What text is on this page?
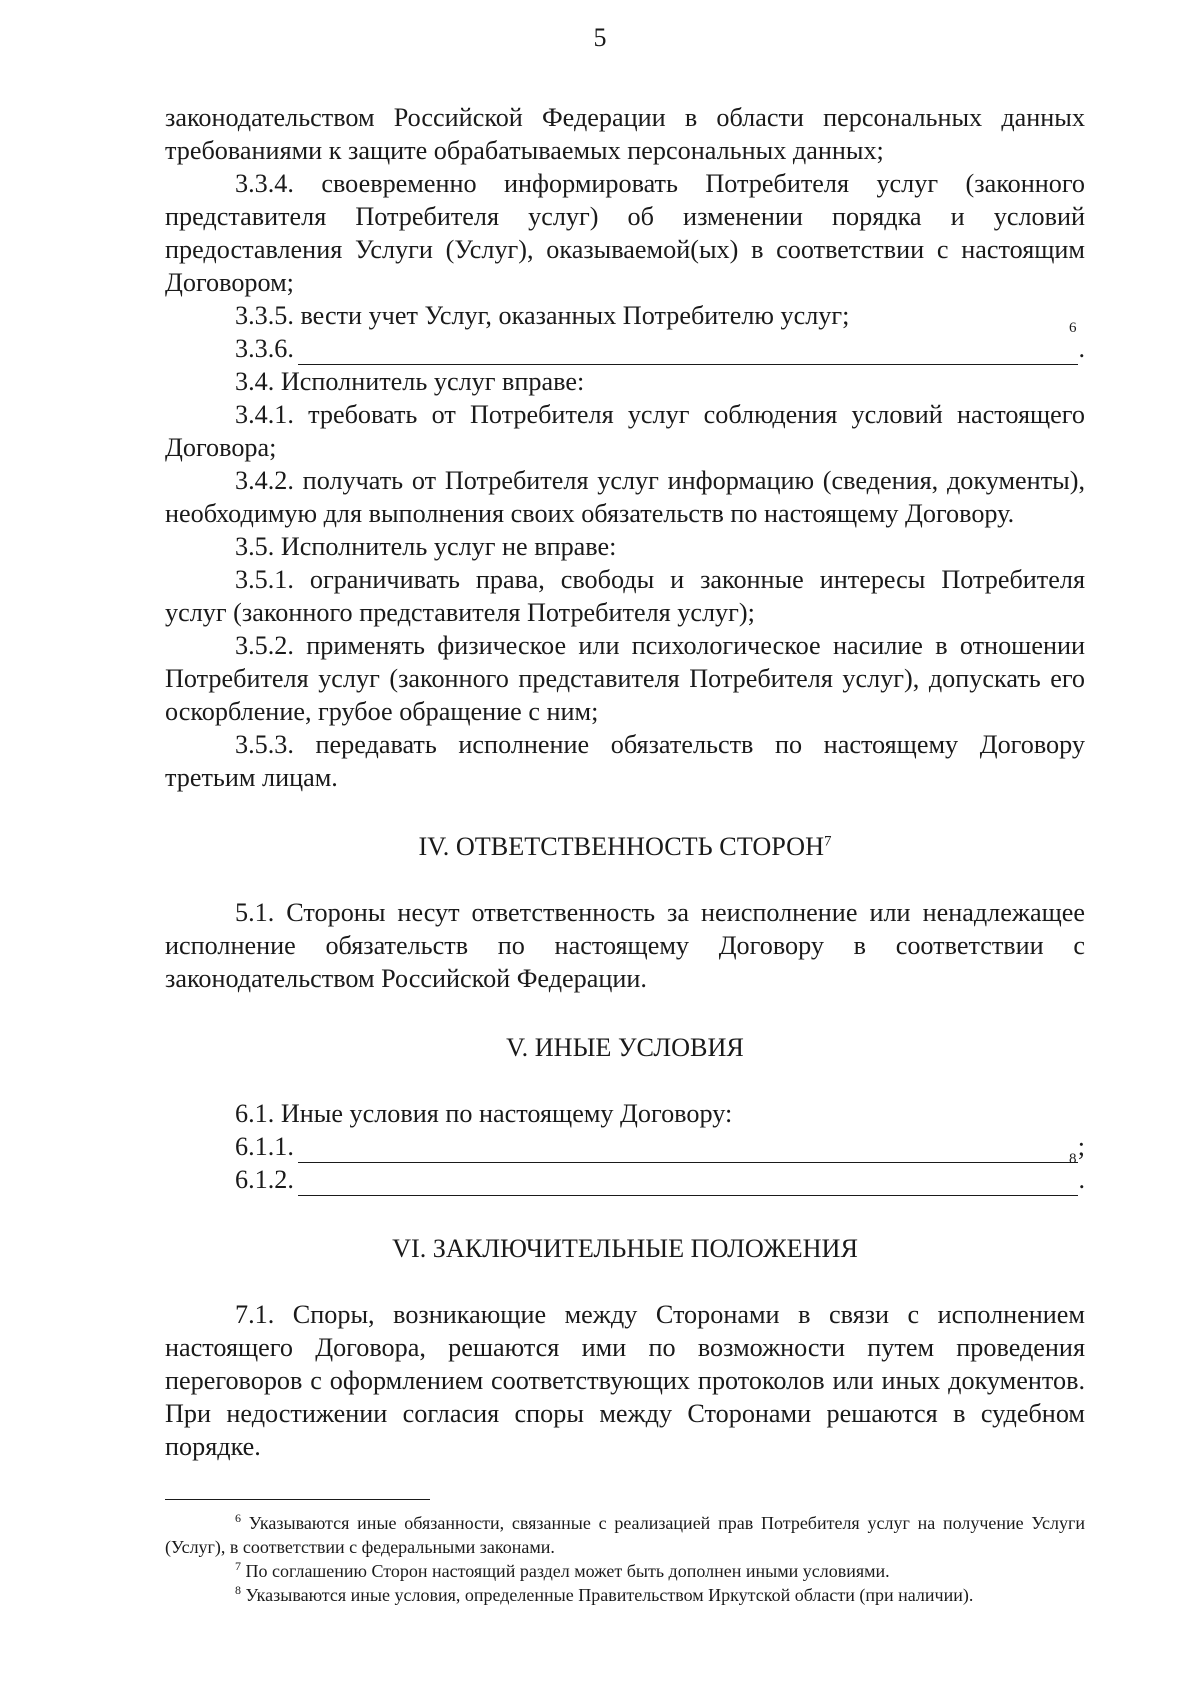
5

законодательством Российской Федерации в области персональных данных требованиями к защите обрабатываемых персональных данных;

3.3.4. своевременно информировать Потребителя услуг (законного представителя Потребителя услуг) об изменении порядка и условий предоставления Услуги (Услуг), оказываемой(ых) в соответствии с настоящим Договором;

3.3.5. вести учет Услуг, оказанных Потребителю услуг;

3.3.6.
6
.

3.4. Исполнитель услуг вправе:

3.4.1. требовать от Потребителя услуг соблюдения условий настоящего Договора;

3.4.2. получать от Потребителя услуг информацию (сведения, документы), необходимую для выполнения своих обязательств по настоящему Договору.

3.5. Исполнитель услуг не вправе:

3.5.1. ограничивать права, свободы и законные интересы Потребителя услуг (законного представителя Потребителя услуг);

3.5.2. применять физическое или психологическое насилие в отношении Потребителя услуг (законного представителя Потребителя услуг), допускать его оскорбление, грубое обращение с ним;

3.5.3. передавать исполнение обязательств по настоящему Договору третьим лицам.

IV. ОТВЕТСТВЕННОСТЬ СТОРОН$^7$

5.1. Стороны несут ответственность за неисполнение или ненадлежащее исполнение обязательств по настоящему Договору в соответствии с законодательством Российской Федерации.

V. ИНЫЕ УСЛОВИЯ

6.1. Иные условия по настоящему Договору:

6.1.1.	;
6.1.2.
8
.
VI. ЗАКЛЮЧИТЕЛЬНЫЕ ПОЛОЖЕНИЯ

7.1. Споры, возникающие между Сторонами в связи с исполнением настоящего Договора, решаются ими по возможности путем проведения переговоров с оформлением соответствующих протоколов или иных документов. При недостижении согласия споры между Сторонами решаются в судебном порядке.

$^6$ Указываются иные обязанности, связанные с реализацией прав Потребителя услуг на получение Услуги (Услуг), в соответствии с федеральными законами.

$^7$ По соглашению Сторон настоящий раздел может быть дополнен иными условиями.

$^8$ Указываются иные условия, определенные Правительством Иркутской области (при наличии).
